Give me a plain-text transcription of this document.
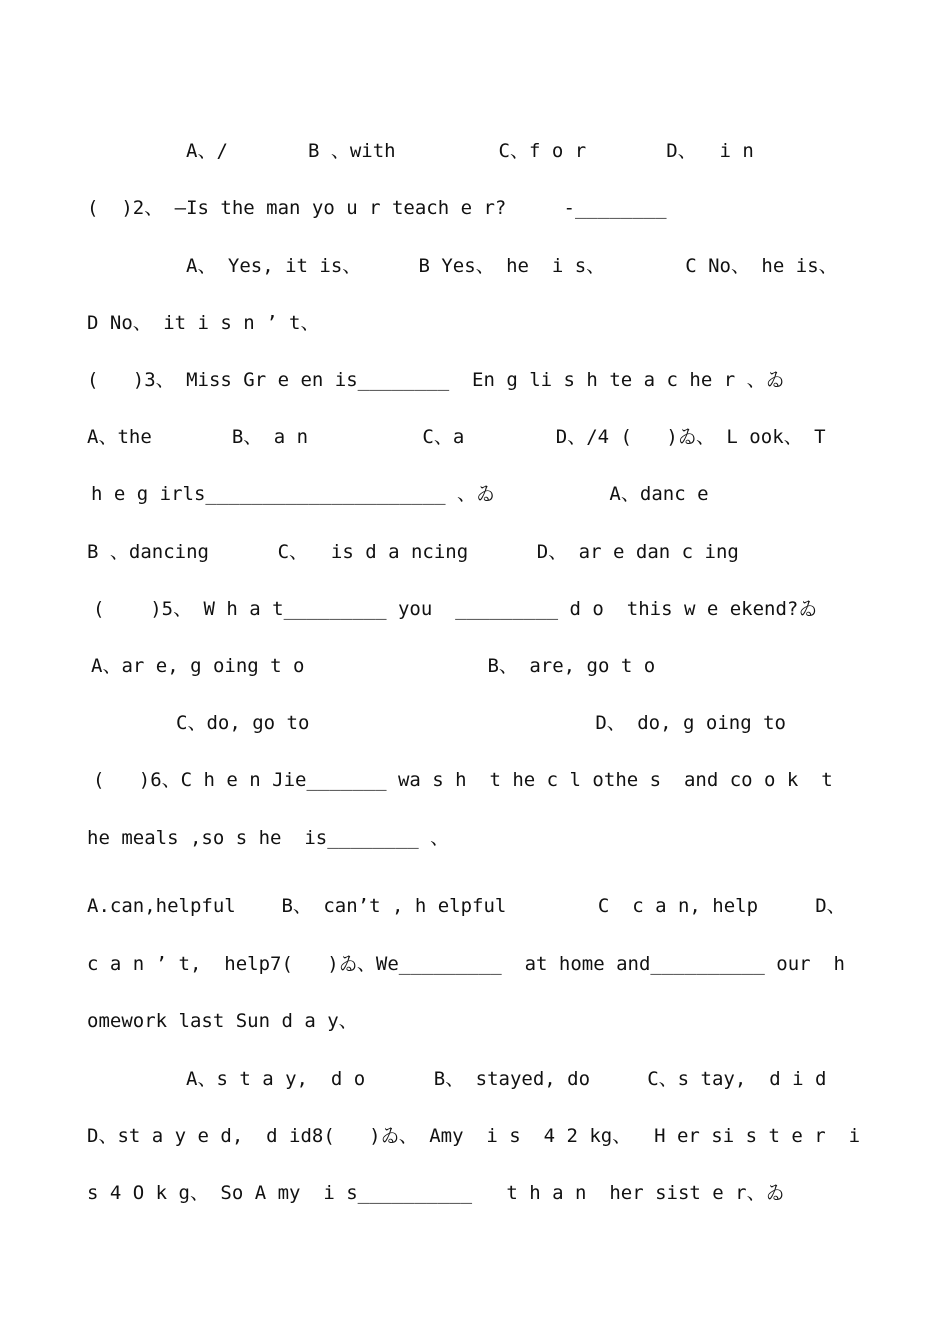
A、/       B 、with         C、f o r       D、  i n
(  )2、 —Is the man yo u r teach e r?     -________
A、 Yes, it is、     B Yes、 he  i s、       C No、 he is、
D No、 it i s n ’ t、
(   )3、 Miss Gr e en is________  En g li s h te a c he r 、ゐ
A、the       B、 a n          C、a        D、/4 (   )ゐ、 L ook、 T
h e g irls_____________________ 、ゐ          A、danc e
B 、dancing      C、  is d a ncing      D、 ar e dan c ing
(    )5、 W h a t_________ you  _________ d o  this w e ekend?ゐ
A、ar e, g oing t o                B、 are, go t o
C、do, go to                         D、 do, g oing to
(   )6、C h e n Jie_______ wa s h  t he c l othe s  and co o k  t
he meals ,so s he  is________ 、
A.can,helpful    B、 can’t , h elpful        C  c a n, help     D、
c a n ’ t,  help7(   )ゐ、We_________  at home and__________ our  h
omework last Sun d a y、
A、s t a y,  d o      B、 stayed, do     C、s tay,  d i d
D、st a y e d,  d id8(   )ゐ、 Amy  i s  4 2 kg、  H er si s t e r  i
s 4 O k g、 So A my  i s__________   t h a n  her sist e r、ゐ
